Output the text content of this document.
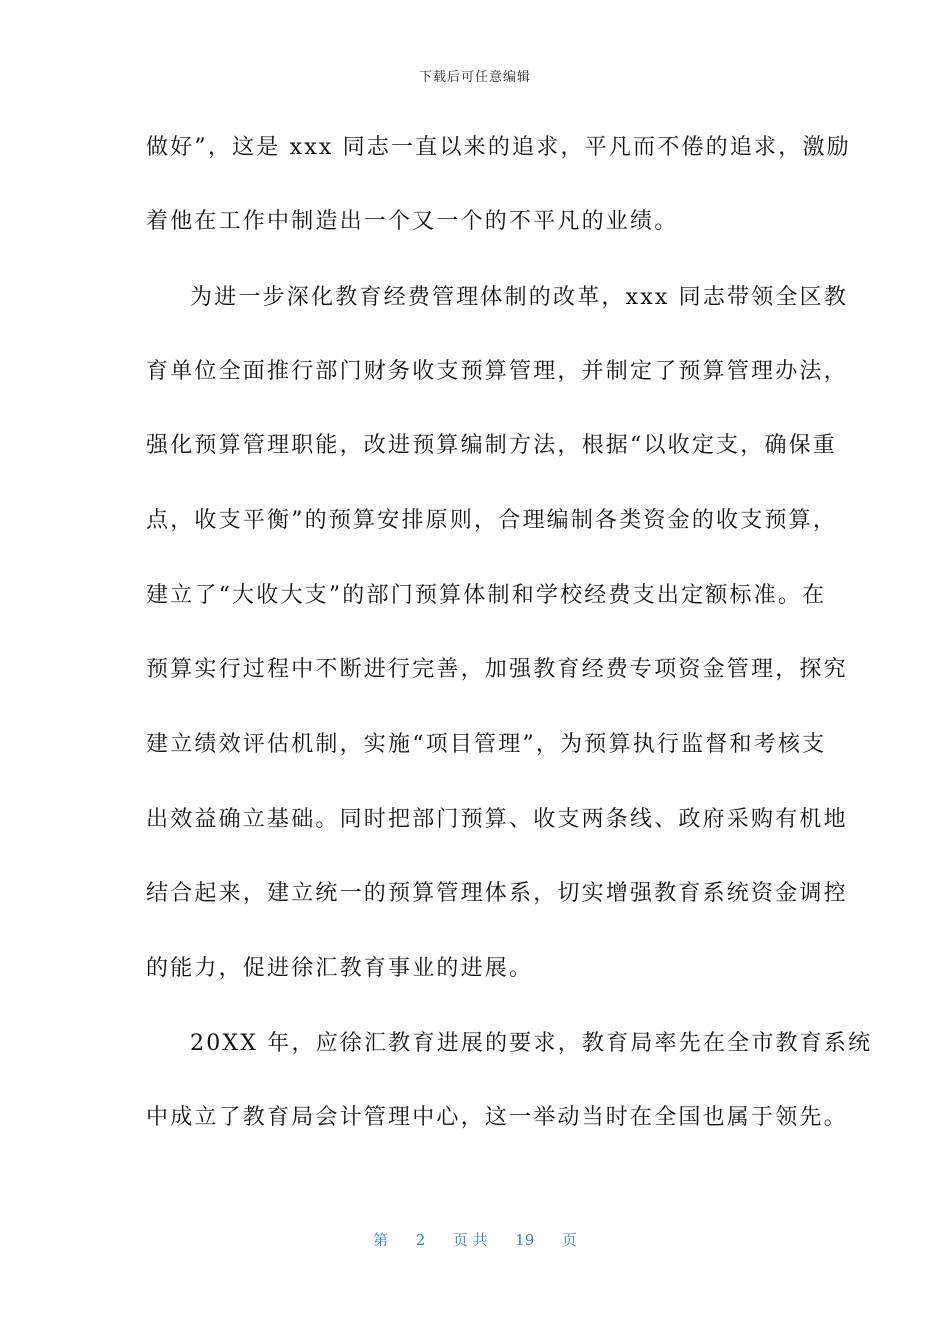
下载后可任意编辑
做好”，这是 xxx 同志一直以来的追求，平凡而不倦的追求，激励
着他在工作中制造出一个又一个的不平凡的业绩。
为进一步深化教育经费管理体制的改革，xxx 同志带领全区教
育单位全面推行部门财务收支预算管理，并制定了预算管理办法，
强化预算管理职能，改进预算编制方法，根据“以收定支，确保重
点，收支平衡”的预算安排原则，合理编制各类资金的收支预算，
建立了“大收大支”的部门预算体制和学校经费支出定额标准。在
预算实行过程中不断进行完善，加强教育经费专项资金管理，探究
建立绩效评估机制，实施“项目管理”，为预算执行监督和考核支
出效益确立基础。同时把部门预算、收支两条线、政府采购有机地
结合起来，建立统一的预算管理体系，切实增强教育系统资金调控
的能力，促进徐汇教育事业的进展。
20XX 年，应徐汇教育进展的要求，教育局率先在全市教育系统
中成立了教育局会计管理中心，这一举动当时在全国也属于领先。
第 2 页 共 19 页
